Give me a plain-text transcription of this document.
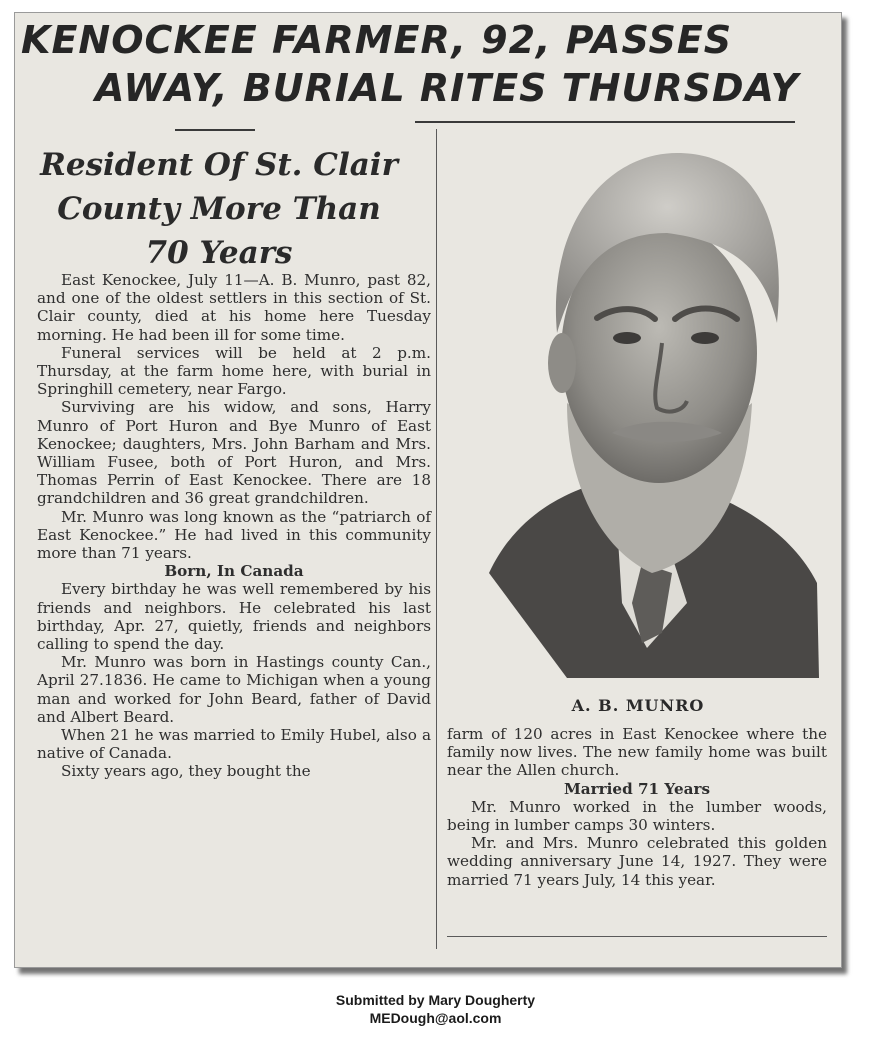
KENOCKEE FARMER, 92, PASSES
AWAY, BURIAL RITES THURSDAY
Resident Of St. Clair
County More Than
70 Years

East Kenockee, July 11—A. B. Munro, past 82, and one of the oldest settlers in this section of St. Clair county, died at his home here Tuesday morning. He had been ill for some time.

Funeral services will be held at 2 p.m. Thursday, at the farm home here, with burial in Springhill cemetery, near Fargo.

Surviving are his widow, and sons, Harry Munro of Port Huron and Bye Munro of East Kenockee; daughters, Mrs. John Barham and Mrs. William Fusee, both of Port Huron, and Mrs. Thomas Perrin of East Kenockee. There are 18 grandchildren and 36 great grandchildren.

Mr. Munro was long known as the “patriarch of East Kenockee.” He had lived in this community more than 71 years.

Born, In Canada

Every birthday he was well remembered by his friends and neighbors. He celebrated his last birthday, Apr. 27, quietly, friends and neighbors calling to spend the day.

Mr. Munro was born in Hastings county Can., April 27.1836. He came to Michigan when a young man and worked for John Beard, father of David and Albert Beard.

When 21 he was married to Emily Hubel, also a native of Canada.

Sixty years ago, they bought the

A. B. MUNRO

farm of 120 acres in East Kenockee where the family now lives. The new family home was built near the Allen church.

Married 71 Years

Mr. Munro worked in the lumber woods, being in lumber camps 30 winters.

Mr. and Mrs. Munro celebrated this golden wedding anniversary June 14, 1927. They were married 71 years July, 14 this year.

Submitted by Mary Dougherty
MEDough@aol.com
